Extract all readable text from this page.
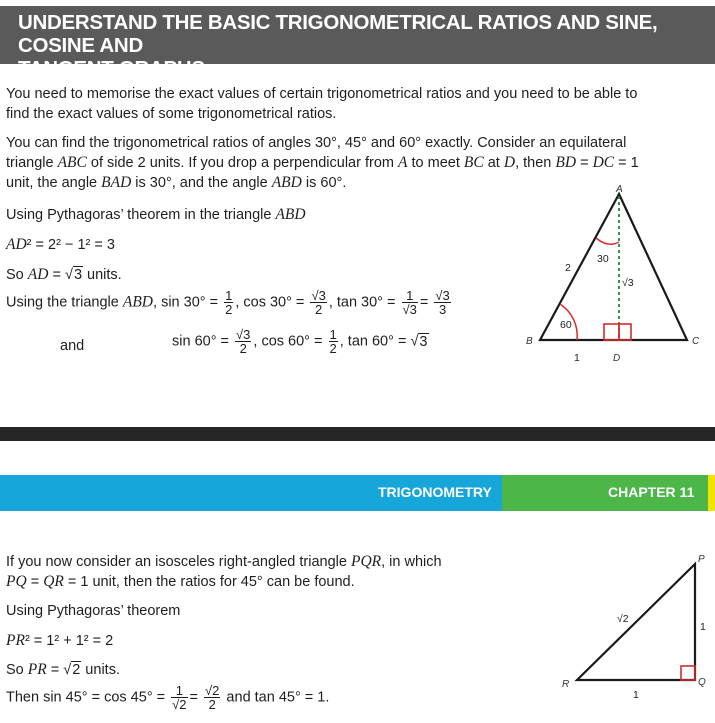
UNDERSTAND THE BASIC TRIGONOMETRICAL RATIOS AND SINE, COSINE AND
TANGENT GRAPHS
You need to memorise the exact values of certain trigonometrical ratios and you need to be able to
find the exact values of some trigonometrical ratios.
You can find the trigonometrical ratios of angles 30°, 45° and 60° exactly. Consider an equilateral
triangle ABC of side 2 units. If you drop a perpendicular from A to meet BC at D, then BD = DC = 1
unit, the angle BAD is 30°, and the angle ABD is 60°.
Using Pythagoras’ theorem in the triangle ABD
AD² = 2² − 1² = 3
So AD = √3 units.
Using the triangle ABD, $\sin 30^\circ = \frac{1}{2}$ , $\cos 30^\circ = \frac{√3}{2}$ , $\tan 30^\circ = \frac{1}{√3} = \frac{√3}{3}$
and	$\sin 60^\circ = \frac{√3}{2}$ , $\cos 60^\circ = \frac{1}{2}$ , tan 60° = √3
A
B	C
D
2
30
√3
60
1
TRIGONOMETRY	CHAPTER 11
If you now consider an isosceles right-angled triangle PQR, in which
PQ = QR = 1 unit, then the ratios for 45° can be found.
Using Pythagoras’ theorem
PR² = 1² + 1² = 2
So PR = √2 units.
Then $\sin 45^\circ = \cos 45^\circ = \frac{1}{√2} = \frac{√2}{2}$ and tan 45° = 1.
P
Q
R
√2
1
1
